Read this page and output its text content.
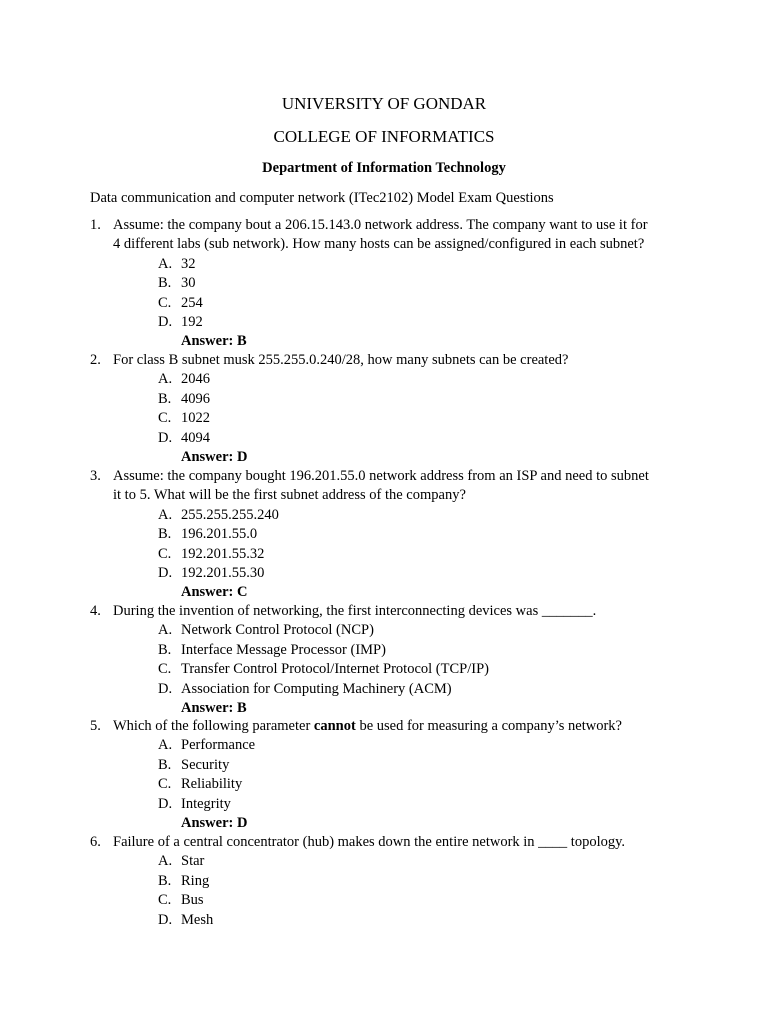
UNIVERSITY OF GONDAR
COLLEGE OF INFORMATICS
Department of Information Technology
Data communication and computer network (ITec2102) Model Exam Questions
1. Assume: the company bout a 206.15.143.0 network address. The company want to use it for
4 different labs (sub network). How many hosts can be assigned/configured in each subnet?
A. 32
B. 30
C. 254
D. 192
Answer: B
2. For class B subnet musk 255.255.0.240/28, how many subnets can be created?
A. 2046
B. 4096
C. 1022
D. 4094
Answer: D
3. Assume: the company bought 196.201.55.0 network address from an ISP and need to subnet
it to 5. What will be the first subnet address of the company?
A. 255.255.255.240
B. 196.201.55.0
C. 192.201.55.32
D. 192.201.55.30
Answer: C
4. During the invention of networking, the first interconnecting devices was _______.
A. Network Control Protocol (NCP)
B. Interface Message Processor (IMP)
C. Transfer Control Protocol/Internet Protocol (TCP/IP)
D. Association for Computing Machinery (ACM)
Answer: B
5. Which of the following parameter cannot be used for measuring a company’s network?
A. Performance
B. Security
C. Reliability
D. Integrity
Answer: D
6. Failure of a central concentrator (hub) makes down the entire network in ____ topology.
A. Star
B. Ring
C. Bus
D. Mesh
